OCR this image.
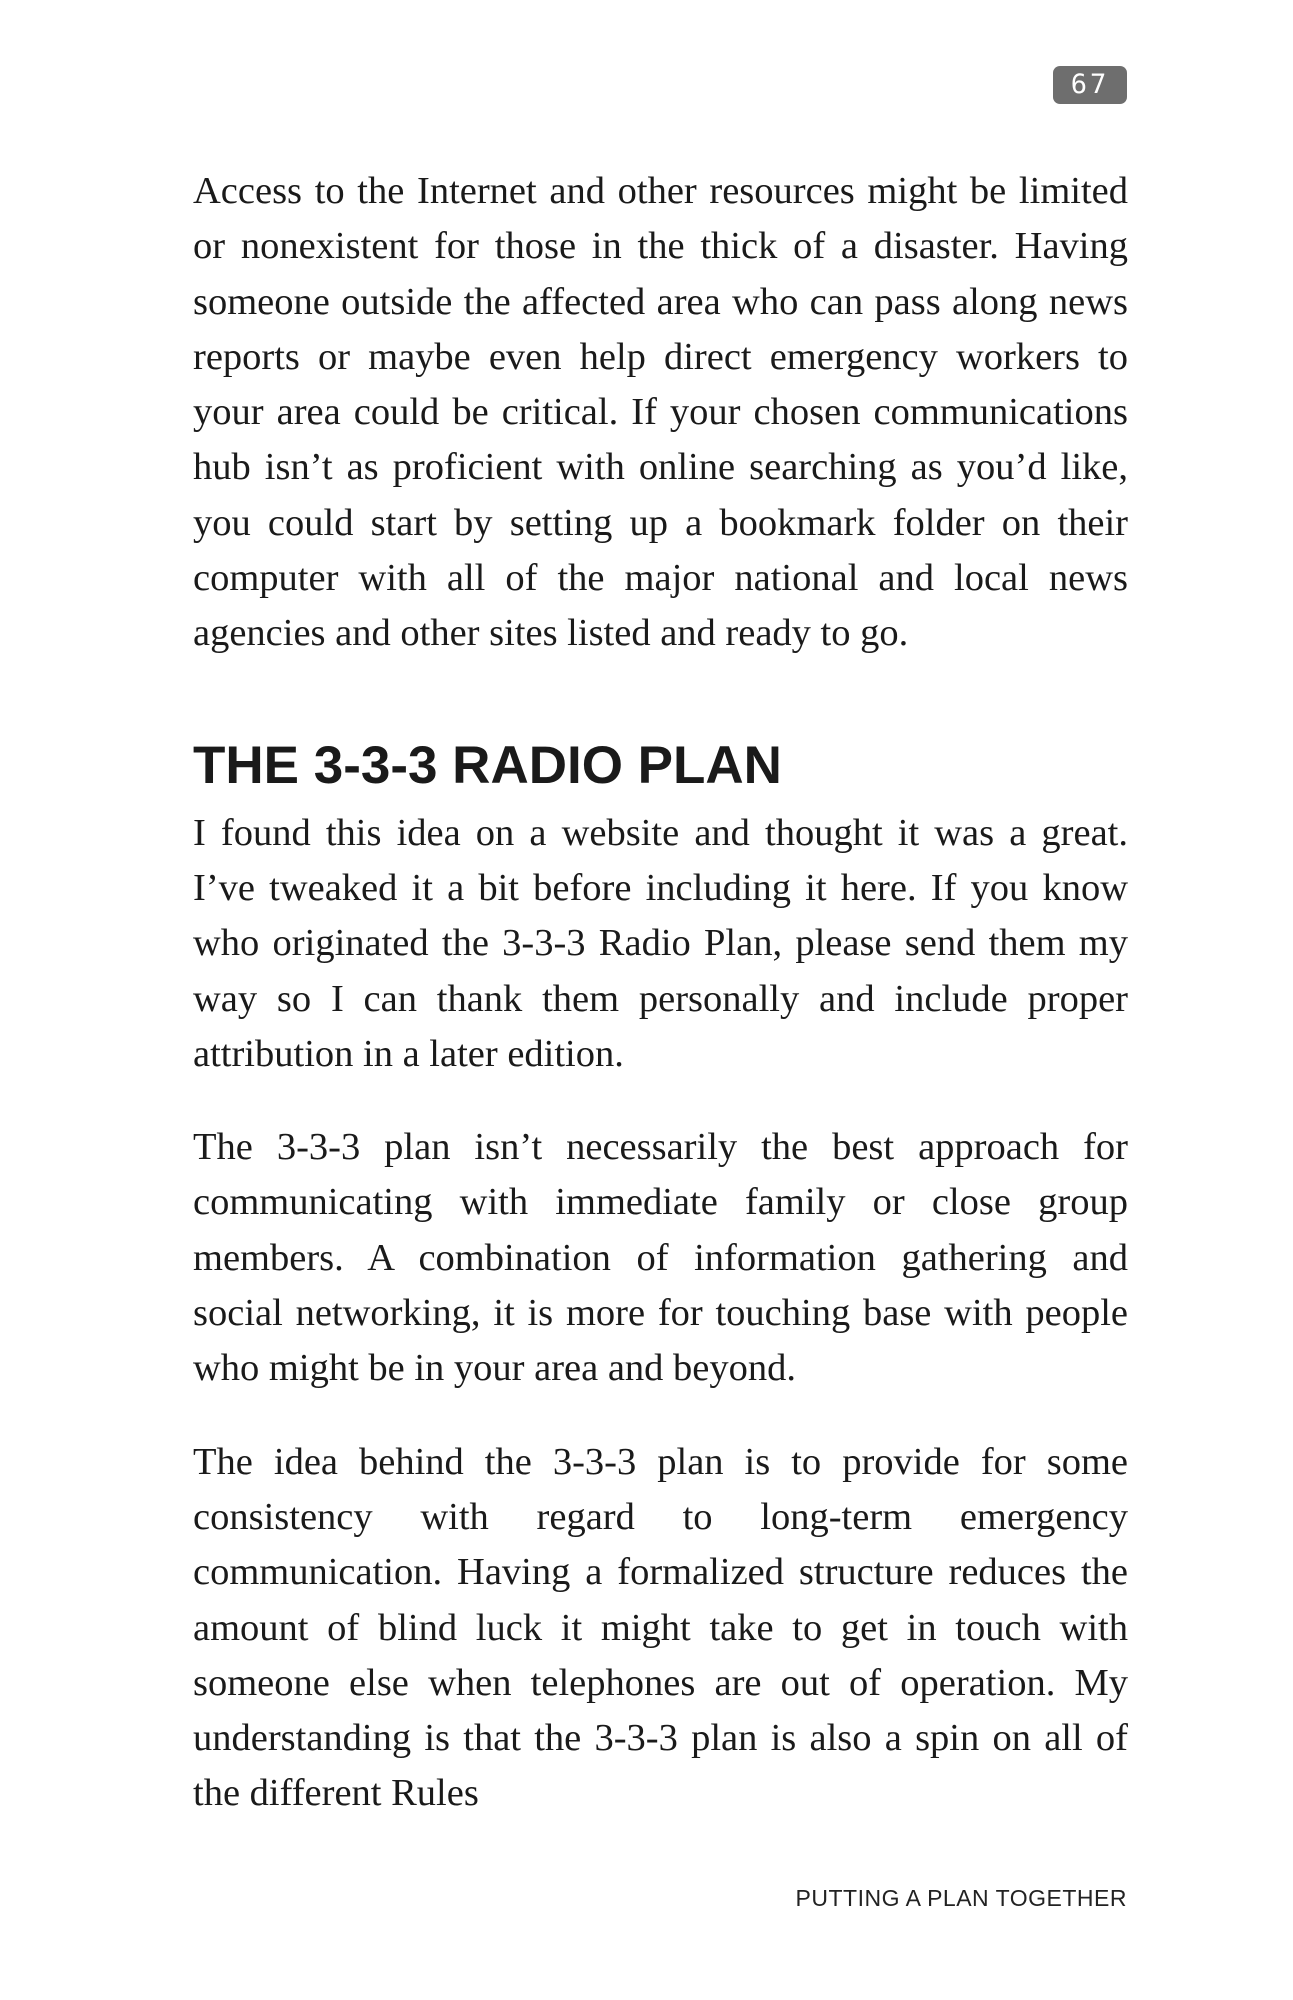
67

Access to the Internet and other resources might be limited or nonexistent for those in the thick of a disaster. Having someone outside the affected area who can pass along news reports or maybe even help direct emergency workers to your area could be critical. If your chosen communications hub isn’t as proficient with online searching as you’d like, you could start by setting up a bookmark folder on their computer with all of the major national and local news agencies and other sites listed and ready to go.

THE 3-3-3 RADIO PLAN

I found this idea on a website and thought it was a great. I’ve tweaked it a bit before including it here. If you know who originated the 3-3-3 Radio Plan, please send them my way so I can thank them personally and include proper attribution in a later edition.

The 3-3-3 plan isn’t necessarily the best approach for communicating with immediate family or close group members. A combination of information gathering and social networking, it is more for touching base with people who might be in your area and beyond.

The idea behind the 3-3-3 plan is to provide for some consistency with regard to long-term emergency communication. Having a formalized structure reduces the amount of blind luck it might take to get in touch with someone else when telephones are out of operation. My understanding is that the 3-3-3 plan is also a spin on all of the different Rules

PUTTING A PLAN TOGETHER
